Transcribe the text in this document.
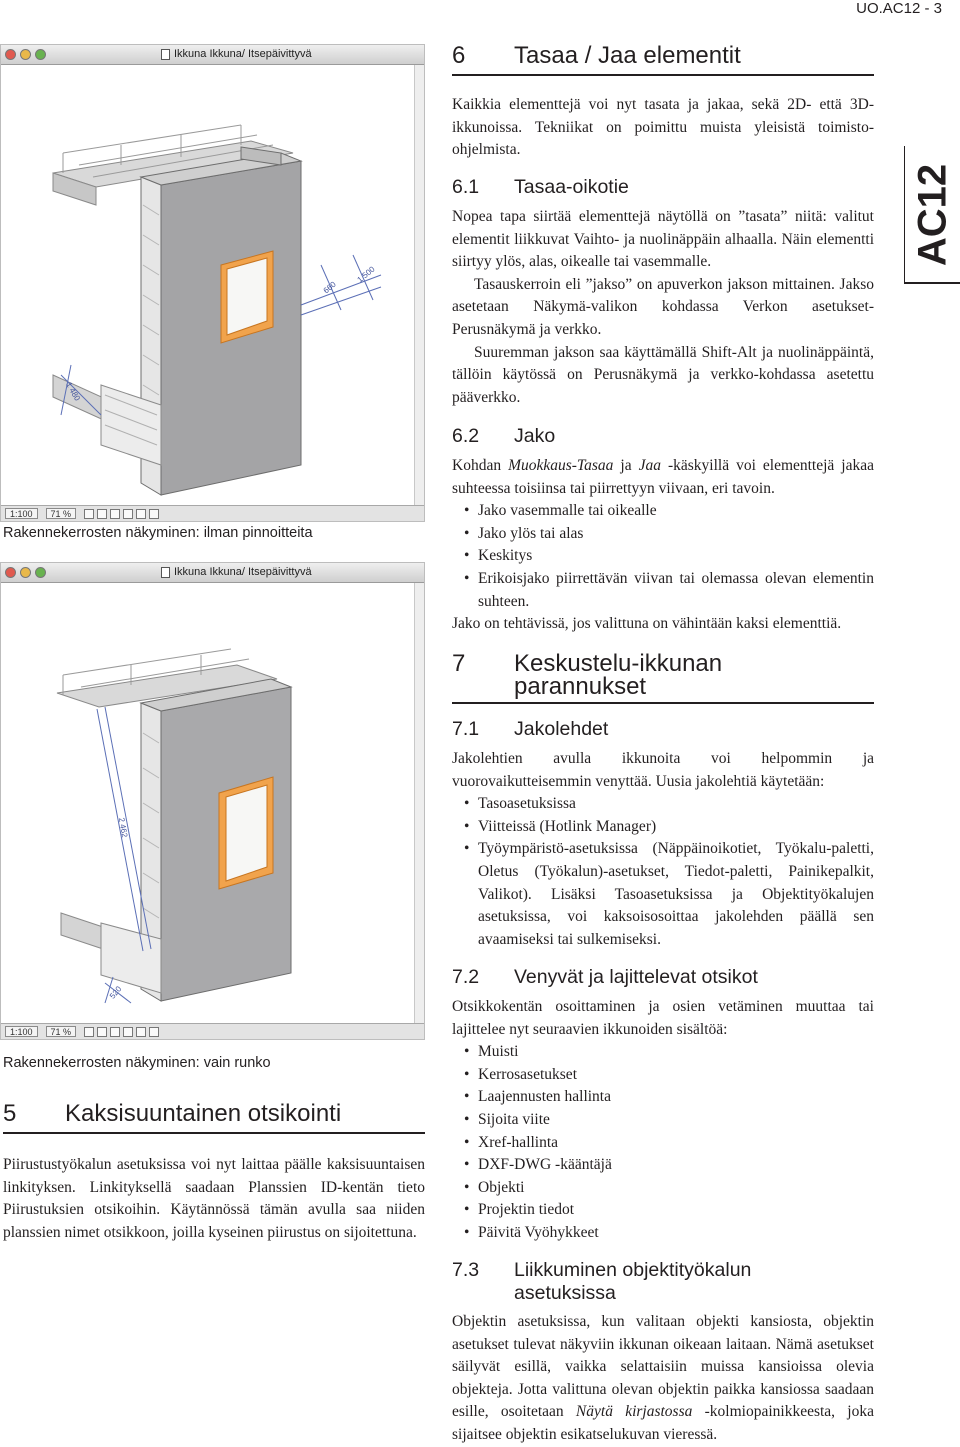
UO.AC12 - 3
AC12
Ikkuna Ikkuna/ Itsepäivittyvä
660
1 500
1 480
1:100	71 %
Rakennekerrosten näkyminen: ilman pinnoitteita
Ikkuna Ikkuna/ Itsepäivittyvä
2 462
520
1:100	71 %
Rakennekerrosten näkyminen: vain runko
5 Kaksisuuntainen otsikointi

Piirustustyökalun asetuksissa voi nyt laittaa päälle kaksisuuntaisen linkityksen. Linkityksellä saadaan Planssien ID-kentän tieto Piirustuksien otsikoihin. Käytännössä tämän avulla saa niiden planssien nimet otsikkoon, joilla kyseinen piirustus on sijoitettuna.

6 Tasaa / Jaa elementit

Kaikkia elementtejä voi nyt tasata ja jakaa, sekä 2D- että 3D-ikkunoissa. Tekniikat on poimittu muista yleisistä toimisto-ohjelmista.

6.1 Tasaa-oikotie

Nopea tapa siirtää elementtejä näytöllä on ”tasata” niitä: valitut elementit liikkuvat Vaihto- ja nuolinäppäin alhaalla. Näin elementti siirtyy ylös, alas, oikealle tai vasemmalle.

Tasauskerroin eli ”jakso” on apuverkon jakson mittainen. Jakso asetetaan Näkymä-valikon kohdassa Verkon asetukset-Perusnäkymä ja verkko.

Suuremman jakson saa käyttämällä Shift-Alt ja nuolinäppäintä, tällöin käytössä on Perusnäkymä ja verkko-kohdassa asetettu pääverkko.

6.2 Jako

Kohdan Muokkaus-Tasaa ja Jaa -käskyillä voi elementtejä jakaa suhteessa toisiinsa tai piirrettyyn viivaan, eri tavoin.

• Jako vasemmalle tai oikealle
• Jako ylös tai alas
• Keskitys
• Erikoisjako piirrettävän viivan tai olemassa olevan elementin suhteen.

Jako on tehtävissä, jos valittuna on vähintään kaksi elementtiä.

7 Keskustelu-ikkunan
parannukset
7.1 Jakolehdet

Jakolehtien avulla ikkunoita voi helpommin ja vuorovaikutteisemmin venyttää. Uusia jakolehtiä käytetään:

• Tasoasetuksissa
• Viitteissä (Hotlink Manager)
• Työympäristö-asetuksissa (Näppäinoikotiet, Työkalu-paletti, Oletus (Työkalun)-asetukset, Tiedot-paletti, Painikepalkit, Valikot). Lisäksi Tasoasetuksissa ja Objektityökalujen asetuksissa, voi kaksoisosoittaa jakolehden päällä sen avaamiseksi tai sulkemiseksi.
7.2 Venyvät ja lajittelevat otsikot

Otsikkokentän osoittaminen ja osien vetäminen muuttaa tai lajittelee nyt seuraavien ikkunoiden sisältöä:

• Muisti
• Kerrosasetukset
• Laajennusten hallinta
• Sijoita viite
• Xref-hallinta
• DXF-DWG -kääntäjä
• Objekti
• Projektin tiedot
• Päivitä Vyöhykkeet
7.3 Liikkuminen objektityökalun
asetuksissa

Objektin asetuksissa, kun valitaan objekti kansiosta, objektin asetukset tulevat näkyviin ikkunan oikeaan laitaan. Nämä asetukset säilyvät esillä, vaikka selattaisiin muissa kansioissa olevia objekteja. Jotta valittuna olevan objektin paikka kansiossa saadaan esille, osoitetaan Näytä kirjastossa -kolmiopainikkeesta, joka sijaitsee objektin esikatselukuvan vieressä.
